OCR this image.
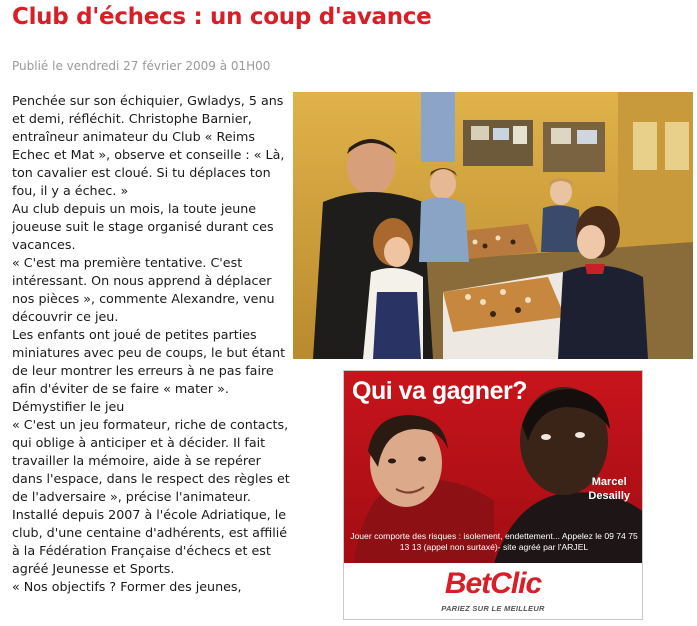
Club d'échecs : un coup d'avance
Publié le vendredi 27 février 2009 à 01H00

Penchée sur son échiquier, Gwladys, 5 ans et demi, réfléchit. Christophe Barnier, entraîneur animateur du Club « Reims Echec et Mat », observe et conseille : « Là, ton cavalier est cloué. Si tu déplaces ton fou, il y a échec. »

Au club depuis un mois, la toute jeune joueuse suit le stage organisé durant ces vacances.

« C'est ma première tentative. C'est intéressant. On nous apprend à déplacer nos pièces », commente Alexandre, venu découvrir ce jeu.

Les enfants ont joué de petites parties miniatures avec peu de coups, le but étant de leur montrer les erreurs à ne pas faire afin d'éviter de se faire « mater ».

Démystifier le jeu

« C'est un jeu formateur, riche de contacts, qui oblige à anticiper et à décider. Il fait travailler la mémoire, aide à se repérer dans l'espace, dans le respect des règles et de l'adversaire », précise l'animateur.

Installé depuis 2007 à l'école Adriatique, le club, d'une centaine d'adhérents, est affilié à la Fédération Française d'échecs et est agréé Jeunesse et Sports.

« Nos objectifs ? Former des jeunes,

Qui va gagner?
Marcel
Desailly
Jouer comporte des risques : isolement, endettement... Appelez le 09 74 75 13 13 (appel non surtaxé)- site agréé par l'ARJEL
BetClic
PARIEZ SUR LE MEILLEUR
